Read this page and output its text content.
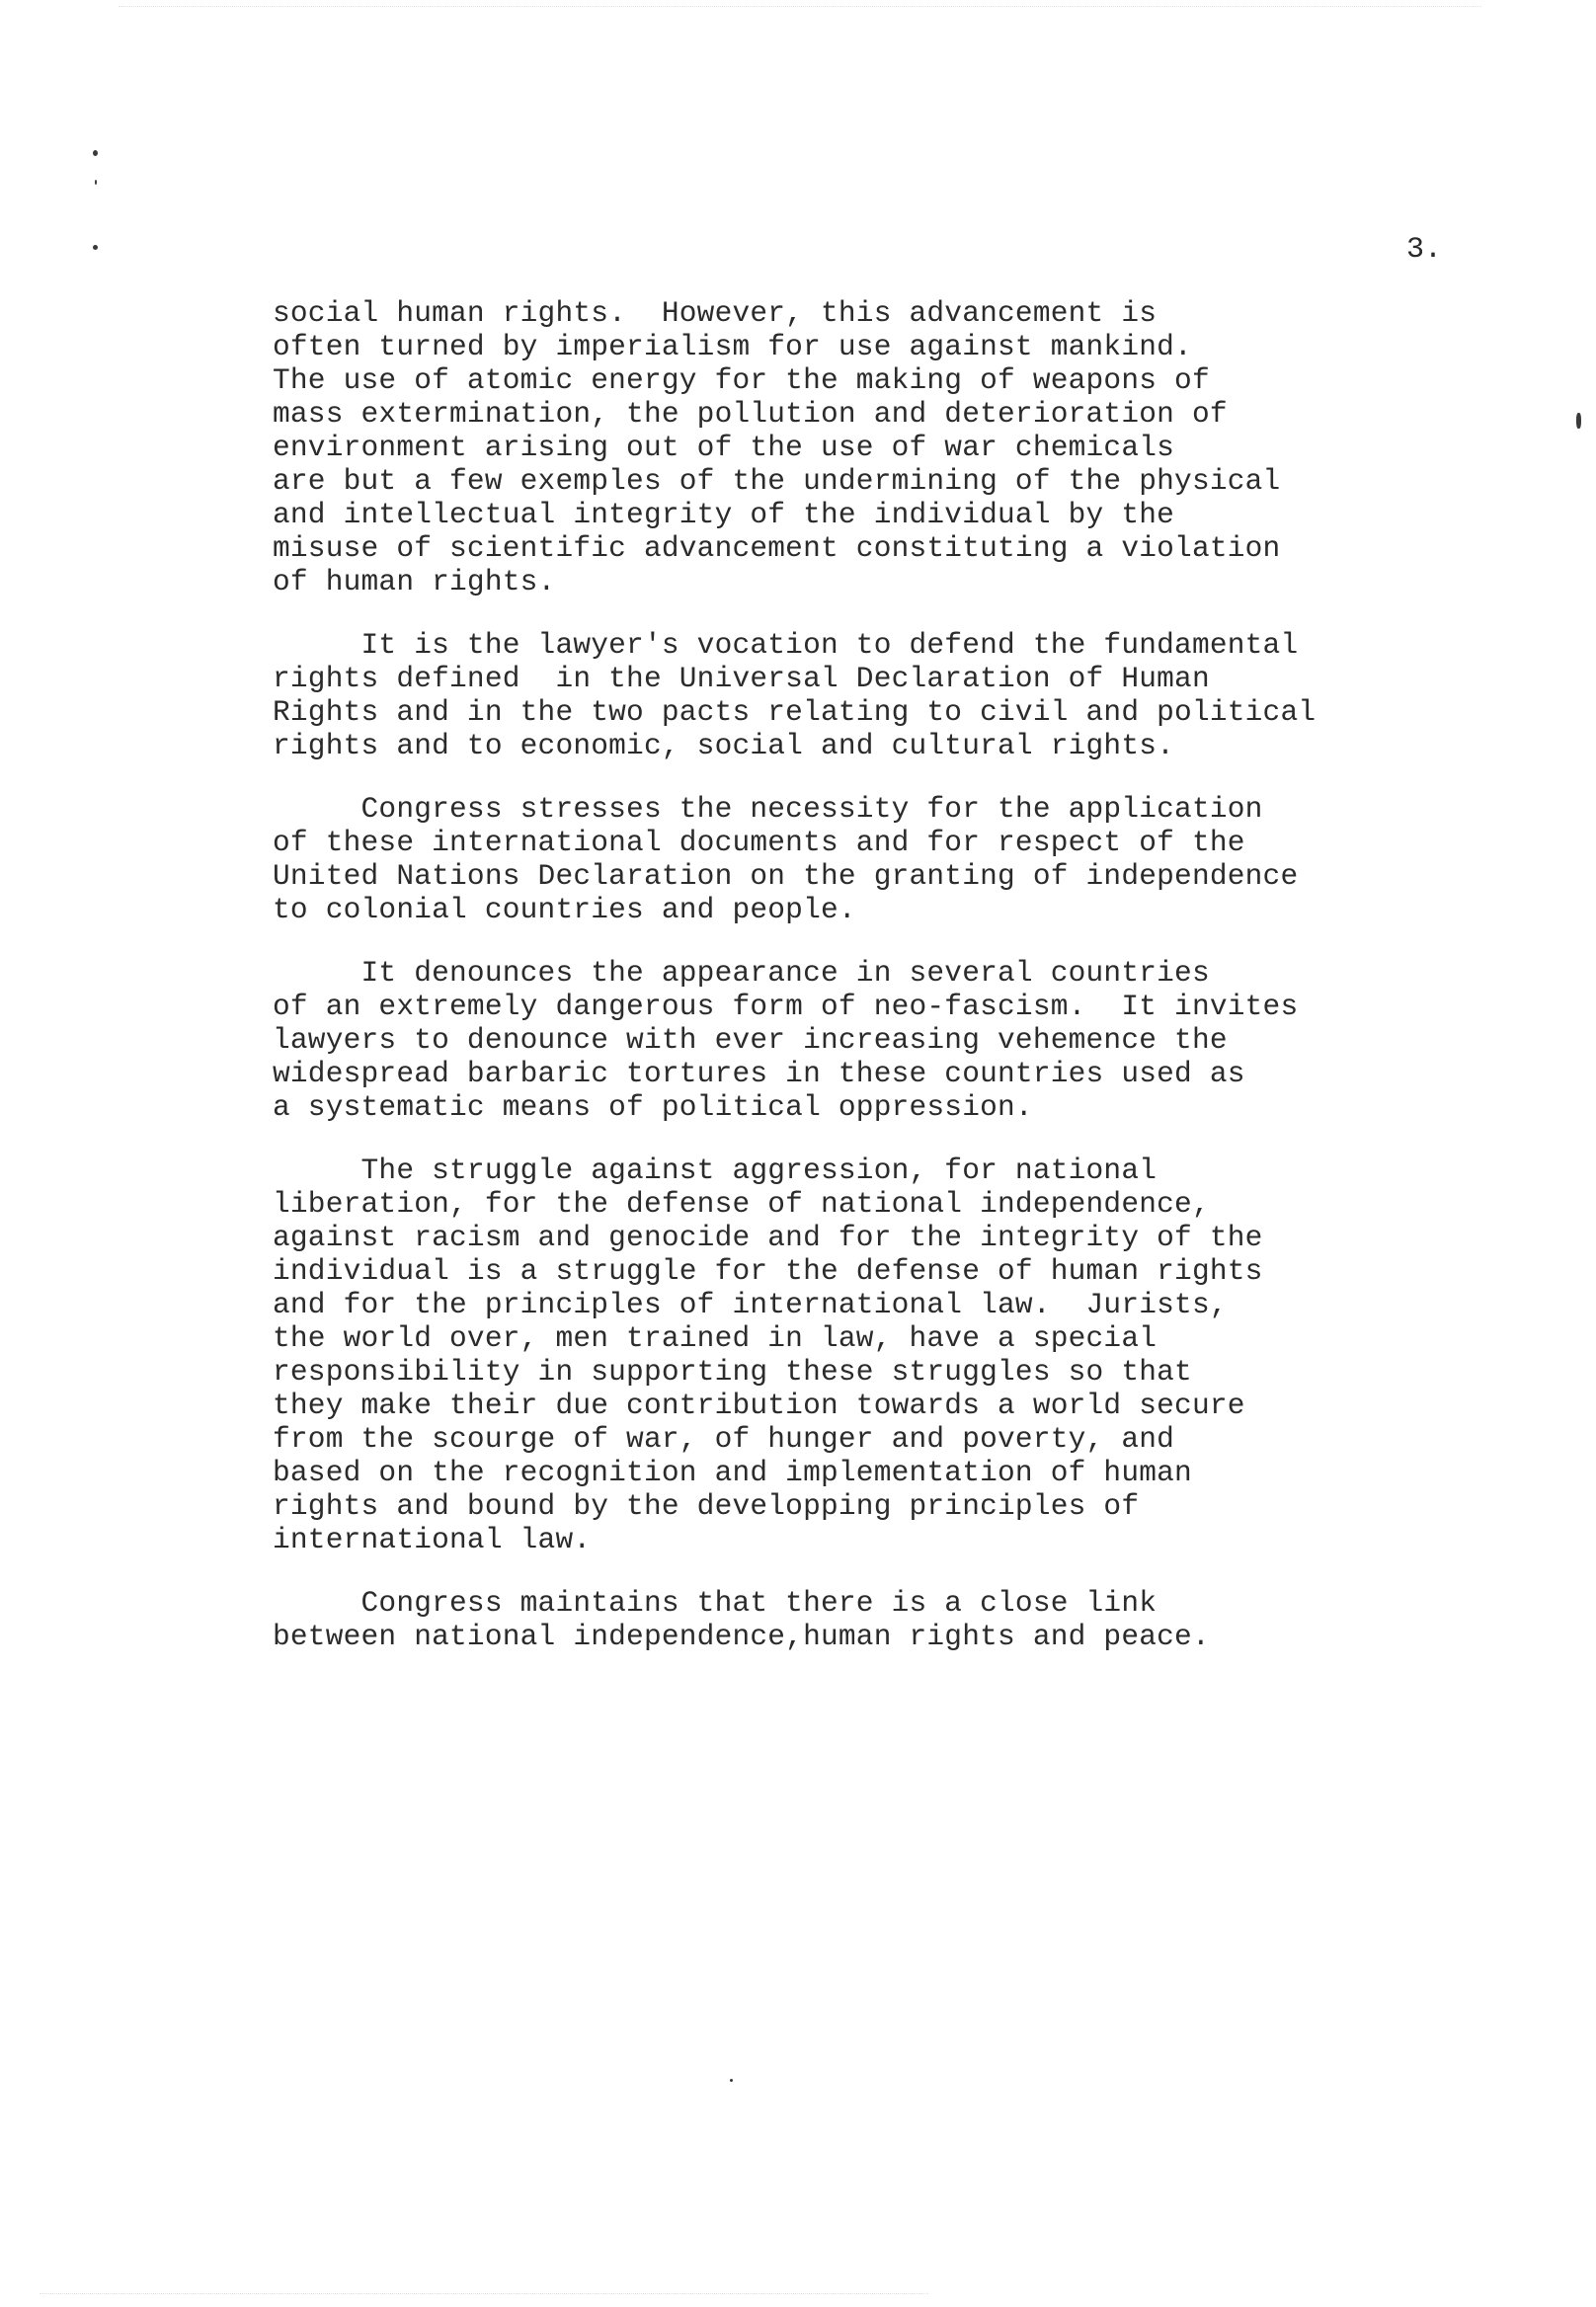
3.

social human rights.  However, this advancement is
often turned by imperialism for use against mankind.
The use of atomic energy for the making of weapons of
mass extermination, the pollution and deterioration of
environment arising out of the use of war chemicals
are but a few exemples of the undermining of the physical
and intellectual integrity of the individual by the
misuse of scientific advancement constituting a violation
of human rights.

It is the lawyer's vocation to defend the fundamental
rights defined  in the Universal Declaration of Human
Rights and in the two pacts relating to civil and political
rights and to economic, social and cultural rights.

Congress stresses the necessity for the application
of these international documents and for respect of the
United Nations Declaration on the granting of independence
to colonial countries and people.

It denounces the appearance in several countries
of an extremely dangerous form of neo-fascism.  It invites
lawyers to denounce with ever increasing vehemence the
widespread barbaric tortures in these countries used as
a systematic means of political oppression.

The struggle against aggression, for national
liberation, for the defense of national independence,
against racism and genocide and for the integrity of the
individual is a struggle for the defense of human rights
and for the principles of international law.  Jurists,
the world over, men trained in law, have a special
responsibility in supporting these struggles so that
they make their due contribution towards a world secure
from the scourge of war, of hunger and poverty, and
based on the recognition and implementation of human
rights and bound by the developping principles of
international law.

Congress maintains that there is a close link
between national independence,human rights and peace.
